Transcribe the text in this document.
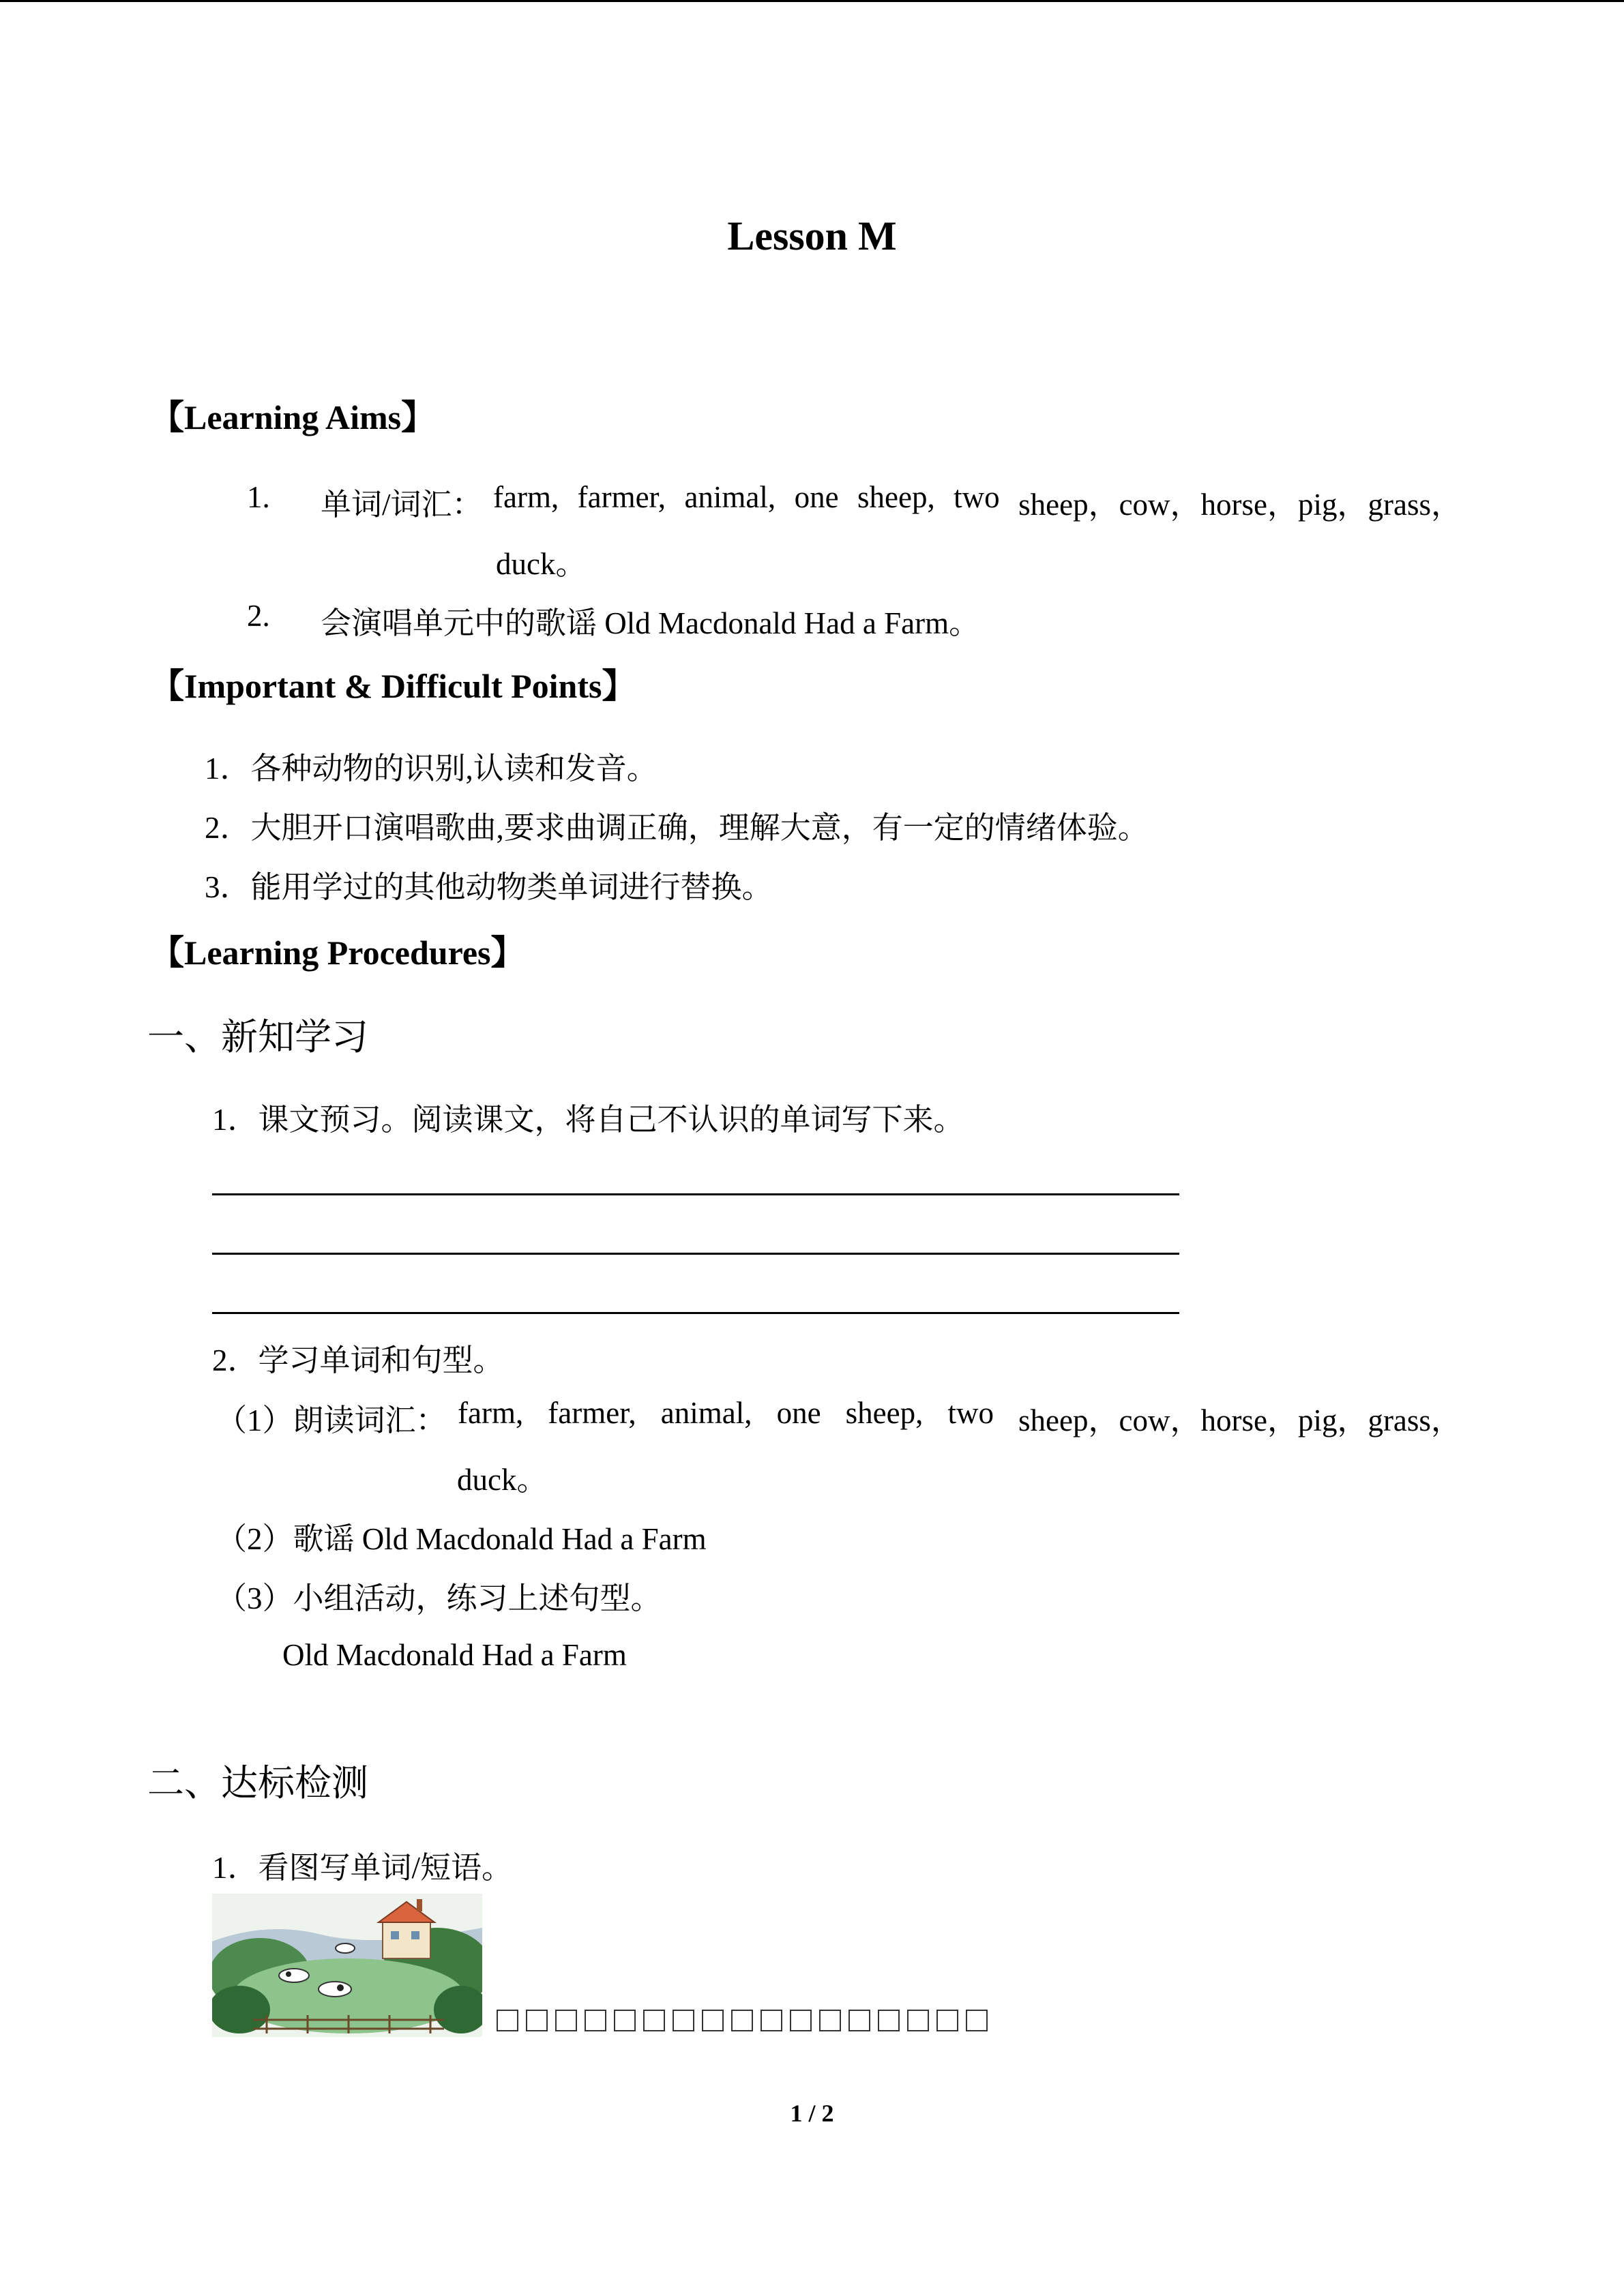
Lesson M
【Learning Aims】
1. 单词/词汇： farm, farmer, animal, one sheep, two sheep，cow，horse，pig，grass，
duck。
2. 会演唱单元中的歌谣 Old Macdonald Had a Farm。
【Important & Difficult Points】
1．各种动物的识别,认读和发音。
2．大胆开口演唱歌曲,要求曲调正确，理解大意，有一定的情绪体验。
3．能用学过的其他动物类单词进行替换。
【Learning Procedures】
一、新知学习
1．课文预习。阅读课文，将自己不认识的单词写下来。
2．学习单词和句型。
（1）朗读词汇： farm, farmer, animal, one sheep, two sheep，cow，horse，pig，grass，
duck。
（2）歌谣 Old Macdonald Had a Farm
（3）小组活动，练习上述句型。
Old Macdonald Had a Farm
二、达标检测
1．看图写单词/短语。
1 / 2
